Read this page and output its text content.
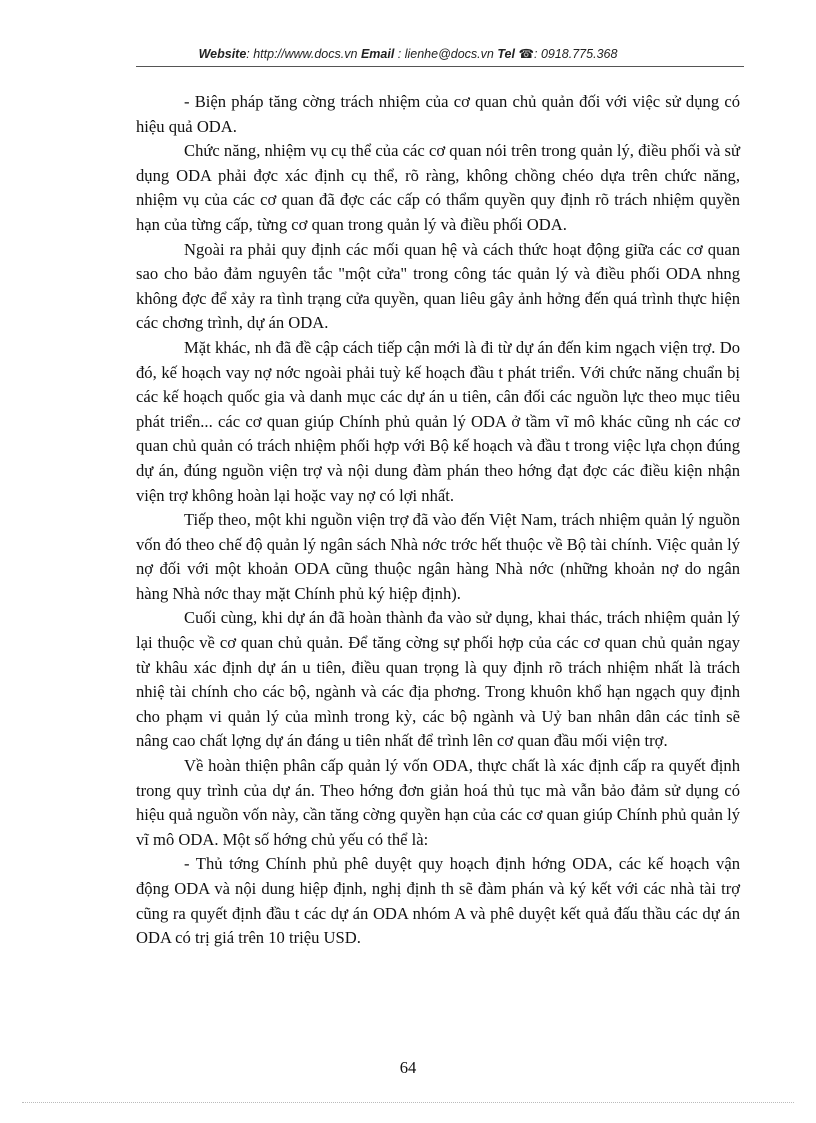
Website: http://www.docs.vn Email : lienhe@docs.vn Tel ☎: 0918.775.368

- Biện pháp tăng cờng trách nhiệm của cơ quan chủ quản đối với việc sử dụng có hiệu quả ODA.

Chức năng, nhiệm vụ cụ thể của các cơ quan nói trên trong quản lý, điều phối và sử dụng ODA phải đợc xác định cụ thể, rõ ràng, không chồng chéo dựa trên chức năng, nhiệm vụ của các cơ quan đã đợc các cấp có thẩm quyền quy định rõ trách nhiệm quyền hạn của từng cấp, từng cơ quan trong quản lý và điều phối ODA.

Ngoài ra phải quy định các mối quan hệ và cách thức hoạt động giữa các cơ quan sao cho bảo đảm nguyên tắc "một cửa" trong công tác quản lý và điều phối ODA nhng không đợc để xảy ra tình trạng cửa quyền, quan liêu gây ảnh hởng đến quá trình thực hiện các chơng trình, dự án ODA.

Mặt khác, nh đã đề cập cách tiếp cận mới là đi từ dự án đến kim ngạch viện trợ. Do đó, kế hoạch vay nợ nớc ngoài phải tuỳ kế hoạch đầu t phát triển. Với chức năng chuẩn bị các kế hoạch quốc gia và danh mục các dự án u tiên, cân đối các nguồn lực theo mục tiêu phát triển... các cơ quan giúp Chính phủ quản lý ODA ở tầm vĩ mô khác cũng nh các cơ quan chủ quản có trách nhiệm phối hợp với Bộ kế hoạch và đầu t trong việc lựa chọn đúng dự án, đúng nguồn viện trợ và nội dung đàm phán theo hớng đạt đợc các điều kiện nhận viện trợ không hoàn lại hoặc vay nợ có lợi nhất.

Tiếp theo, một khi nguồn viện trợ đã vào đến Việt Nam, trách nhiệm quản lý nguồn vốn đó theo chế độ quản lý ngân sách Nhà nớc trớc hết thuộc về Bộ tài chính. Việc quản lý nợ đối với một khoản ODA cũng thuộc ngân hàng Nhà nớc (những khoản nợ do ngân hàng Nhà nớc thay mặt Chính phủ ký hiệp định).

Cuối cùng, khi dự án đã hoàn thành đa vào sử dụng, khai thác, trách nhiệm quản lý lại thuộc về cơ quan chủ quản. Để tăng cờng sự phối hợp của các cơ quan chủ quản ngay từ khâu xác định dự án u tiên, điều quan trọng là quy định rõ trách nhiệm nhất là trách nhiệ tài chính cho các bộ, ngành và các địa phơng. Trong khuôn khổ hạn ngạch quy định cho phạm vi quản lý của mình trong kỳ, các bộ ngành và Uỷ ban nhân dân các tỉnh sẽ nâng cao chất lợng dự án đáng u tiên nhất để trình lên cơ quan đầu mối viện trợ.

Về hoàn thiện phân cấp quản lý vốn ODA, thực chất là xác định cấp ra quyết định trong quy trình của dự án. Theo hớng đơn giản hoá thủ tục mà vẫn bảo đảm sử dụng có hiệu quả nguồn vốn này, cần tăng cờng quyền hạn của các cơ quan giúp Chính phủ quản lý vĩ mô ODA. Một số hớng chủ yếu có thể là:

- Thủ tớng Chính phủ phê duyệt quy hoạch định hớng ODA, các kế hoạch vận động ODA và nội dung hiệp định, nghị định th sẽ đàm phán và ký kết với các nhà tài trợ cũng ra quyết định đầu t các dự án ODA nhóm A và phê duyệt kết quả đấu thầu các dự án ODA có trị giá trên 10 triệu USD.

64
